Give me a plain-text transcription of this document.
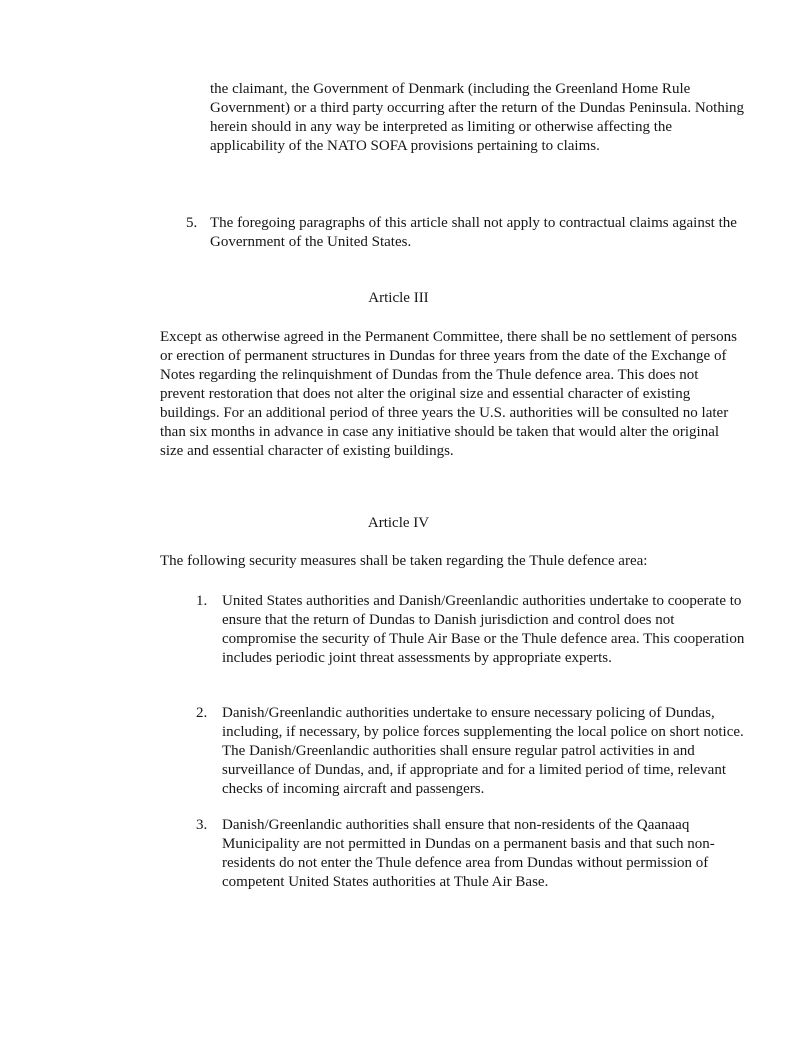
the claimant, the Government of Denmark (including the Greenland Home Rule Government) or a third party occurring after the return of the Dundas Peninsula. Nothing herein should in any way be interpreted as limiting or otherwise affecting the applicability of the NATO SOFA provisions pertaining to claims.

5. The foregoing paragraphs of this article shall not apply to contractual claims against the Government of the United States.

Article III

Except as otherwise agreed in the Permanent Committee, there shall be no settlement of persons or erection of permanent structures in Dundas for three years from the date of the Exchange of Notes regarding the relinquishment of Dundas from the Thule defence area. This does not prevent restoration that does not alter the original size and essential character of existing buildings. For an additional period of three years the U.S. authorities will be consulted no later than six months in advance in case any initiative should be taken that would alter the original size and essential character of existing buildings.

Article IV

The following security measures shall be taken regarding the Thule defence area:

1. United States authorities and Danish/Greenlandic authorities undertake to cooperate to ensure that the return of Dundas to Danish jurisdiction and control does not compromise the security of Thule Air Base or the Thule defence area. This cooperation includes periodic joint threat assessments by appropriate experts.
2. Danish/Greenlandic authorities undertake to ensure necessary policing of Dundas, including, if necessary, by police forces supplementing the local police on short notice. The Danish/Greenlandic authorities shall ensure regular patrol activities in and surveillance of Dundas, and, if appropriate and for a limited period of time, relevant checks of incoming aircraft and passengers.
3. Danish/Greenlandic authorities shall ensure that non-residents of the Qaanaaq Municipality are not permitted in Dundas on a permanent basis and that such non-residents do not enter the Thule defence area from Dundas without permission of competent United States authorities at Thule Air Base.
